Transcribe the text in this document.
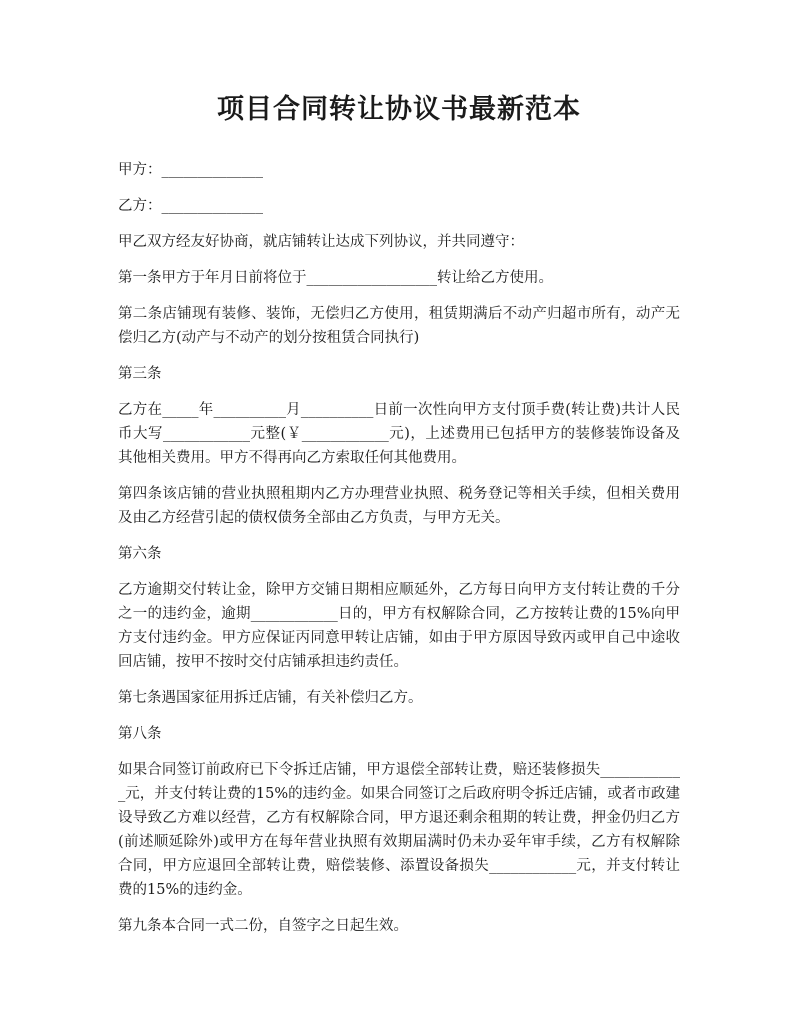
项目合同转让协议书最新范本

甲方：______________

乙方：______________

甲乙双方经友好协商，就店铺转让达成下列协议，并共同遵守：

第一条甲方于年月日前将位于__________________转让给乙方使用。

第二条店铺现有装修、装饰，无偿归乙方使用，租赁期满后不动产归超市所有，动产无偿归乙方(动产与不动产的划分按租赁合同执行)

第三条

乙方在_____年__________月__________日前一次性向甲方支付顶手费(转让费)共计人民币大写____________元整(￥____________元)，上述费用已包括甲方的装修装饰设备及其他相关费用。甲方不得再向乙方索取任何其他费用。

第四条该店铺的营业执照租期内乙方办理营业执照、税务登记等相关手续，但相关费用及由乙方经营引起的债权债务全部由乙方负责，与甲方无关。

第六条

乙方逾期交付转让金，除甲方交铺日期相应顺延外，乙方每日向甲方支付转让费的千分之一的违约金，逾期____________日的，甲方有权解除合同，乙方按转让费的15%向甲方支付违约金。甲方应保证丙同意甲转让店铺，如由于甲方原因导致丙或甲自己中途收回店铺，按甲不按时交付店铺承担违约责任。

第七条遇国家征用拆迁店铺，有关补偿归乙方。

第八条

如果合同签订前政府已下令拆迁店铺，甲方退偿全部转让费，赔还装修损失____________元，并支付转让费的15%的违约金。如果合同签订之后政府明令拆迁店铺，或者市政建设导致乙方难以经营，乙方有权解除合同，甲方退还剩余租期的转让费，押金仍归乙方(前述顺延除外)或甲方在每年营业执照有效期届满时仍未办妥年审手续，乙方有权解除合同，甲方应退回全部转让费，赔偿装修、添置设备损失____________元，并支付转让费的15%的违约金。

第九条本合同一式二份，自签字之日起生效。
